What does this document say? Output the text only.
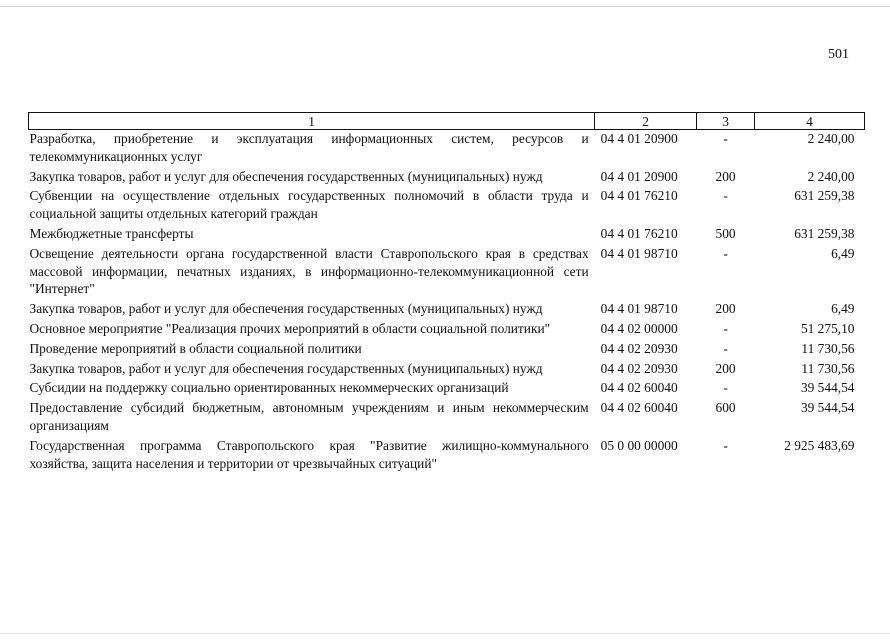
501
1	2	3	4
Разработка, приобретение и эксплуатация информационных систем, ресурсов и телекоммуникационных услуг	04 4 01 20900	-	2 240,00
Закупка товаров, работ и услуг для обеспечения государственных (муниципальных) нужд	04 4 01 20900	200	2 240,00
Субвенции на осуществление отдельных государственных полномочий в области труда и социальной защиты отдельных категорий граждан	04 4 01 76210	-	631 259,38
Межбюджетные трансферты	04 4 01 76210	500	631 259,38
Освещение деятельности органа государственной власти Ставропольского края в средствах массовой информации, печатных изданиях, в информационно-телекоммуникационной сети "Интернет"	04 4 01 98710	-	6,49
Закупка товаров, работ и услуг для обеспечения государственных (муниципальных) нужд	04 4 01 98710	200	6,49
Основное мероприятие "Реализация прочих мероприятий в области социальной политики"	04 4 02 00000	-	51 275,10
Проведение мероприятий в области социальной политики	04 4 02 20930	-	11 730,56
Закупка товаров, работ и услуг для обеспечения государственных (муниципальных) нужд	04 4 02 20930	200	11 730,56
Субсидии на поддержку социально ориентированных некоммерческих организаций	04 4 02 60040	-	39 544,54
Предоставление субсидий бюджетным, автономным учреждениям и иным некоммерческим организациям	04 4 02 60040	600	39 544,54
Государственная программа Ставропольского края "Развитие жилищно-коммунального хозяйства, защита населения и территории от чрезвычайных ситуаций"	05 0 00 00000	-	2 925 483,69
